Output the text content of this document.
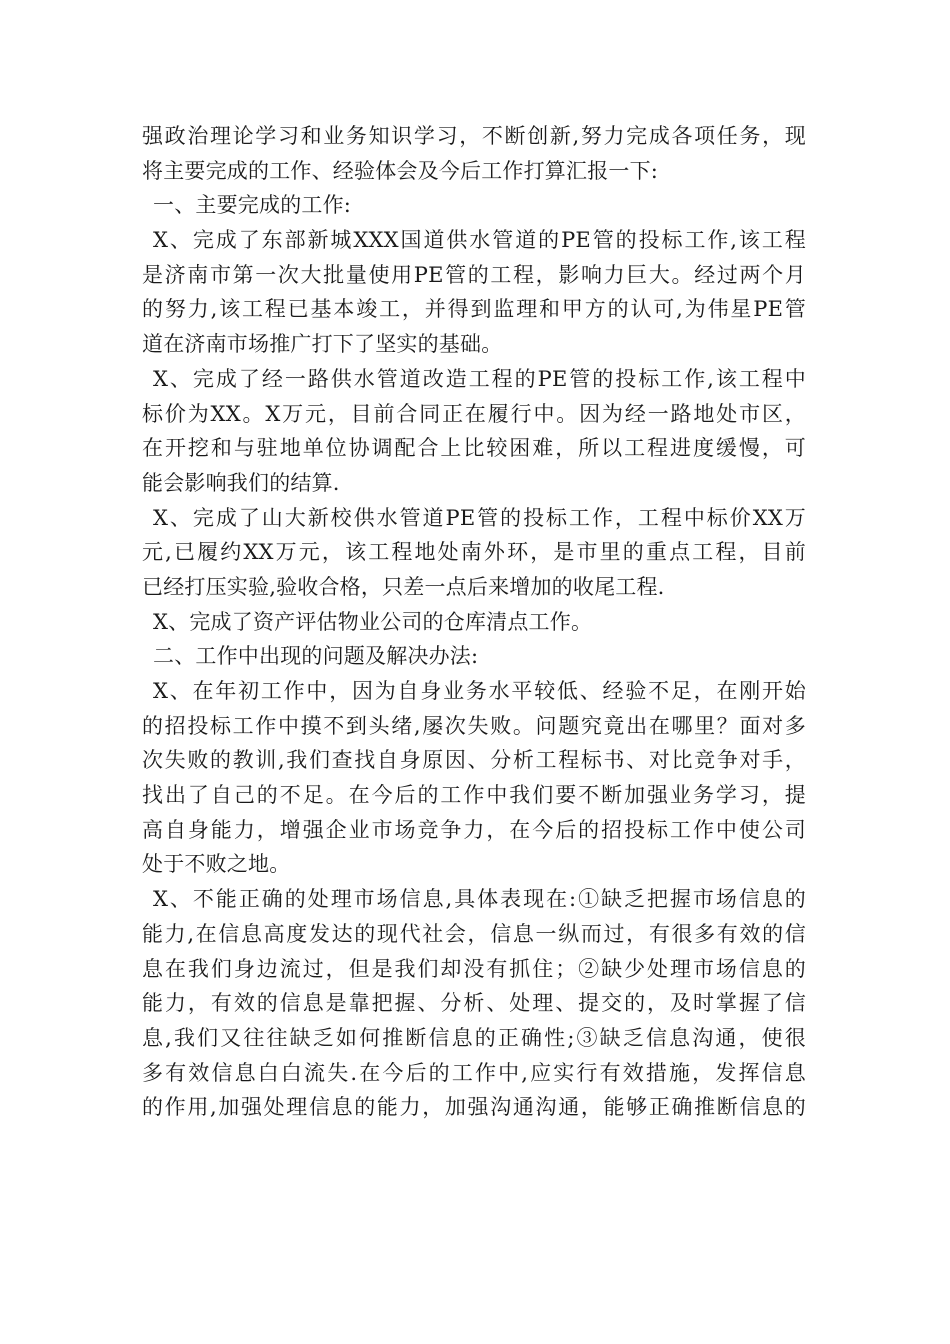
强政治理论学习和业务知识学习，不断创新,努力完成各项任务，现
将主要完成的工作、经验体会及今后工作打算汇报一下:
一、主要完成的工作:
X、完成了东部新城XXX国道供水管道的PE管的投标工作,该工程
是济南市第一次大批量使用PE管的工程，影响力巨大。经过两个月
的努力,该工程已基本竣工，并得到监理和甲方的认可,为伟星PE管
道在济南市场推广打下了坚实的基础。
X、完成了经一路供水管道改造工程的PE管的投标工作,该工程中
标价为XX。X万元，目前合同正在履行中。因为经一路地处市区，
在开挖和与驻地单位协调配合上比较困难，所以工程进度缓慢，可
能会影响我们的结算.
X、完成了山大新校供水管道PE管的投标工作，工程中标价XX万
元,已履约XX万元，该工程地处南外环，是市里的重点工程，目前
已经打压实验,验收合格，只差一点后来增加的收尾工程.
X、完成了资产评估物业公司的仓库清点工作。
二、工作中出现的问题及解决办法:
X、在年初工作中，因为自身业务水平较低、经验不足，在刚开始
的招投标工作中摸不到头绪,屡次失败。问题究竟出在哪里？面对多
次失败的教训,我们查找自身原因、分析工程标书、对比竞争对手，
找出了自己的不足。在今后的工作中我们要不断加强业务学习，提
高自身能力，增强企业市场竞争力，在今后的招投标工作中使公司
处于不败之地。
X、不能正确的处理市场信息,具体表现在:①缺乏把握市场信息的
能力,在信息高度发达的现代社会，信息一纵而过，有很多有效的信
息在我们身边流过，但是我们却没有抓住；②缺少处理市场信息的
能力，有效的信息是靠把握、分析、处理、提交的，及时掌握了信
息,我们又往往缺乏如何推断信息的正确性;③缺乏信息沟通，使很
多有效信息白白流失.在今后的工作中,应实行有效措施，发挥信息
的作用,加强处理信息的能力，加强沟通沟通，能够正确推断信息的
